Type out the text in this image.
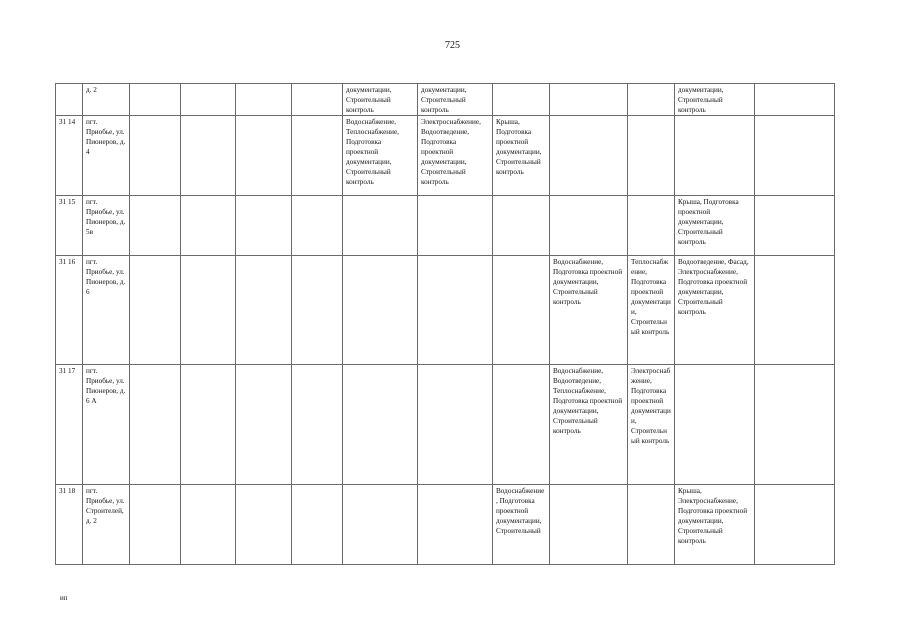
725
	д. 2					документации, Строительный контроль	документации, Строительный контроль				документации, Строительный контроль	
31 14	пгт. Приобье, ул. Пионеров, д. 4					Водоснабжение, Теплоснабжение, Подготовка проектной документации, Строительный контроль	Электроснабжение, Водоотведение, Подготовка проектной документации, Строительный контроль	Крыша, Подготовка проектной документации, Строительный контроль				
31 15	пгт. Приобье, ул. Пионеров, д. 5в										Крыша, Подготовка проектной документации, Строительный контроль	
31 16	пгт. Приобье, ул. Пионеров, д. 6								Водоснабжение, Подготовка проектной документации, Строительный контроль	Теплоснабжение, Подготовка проектной документации, Строительный контроль	Водоотведение, Фасад, Электроснабжение, Подготовка проектной документации, Строительный контроль	
31 17	пгт. Приобье, ул. Пионеров, д. 6 А								Водоснабжение, Водоотведение, Теплоснабжение, Подготовка проектной документации, Строительный контроль	Электроснабжение, Подготовка проектной документации, Строительный контроль		
31 18	пгт. Приобье, ул. Строителей, д. 2							Водоснабжение, Подготовка проектной документации, Строительный			Крыша, Электроснабжение, Подготовка проектной документации, Строительный контроль	
ип
